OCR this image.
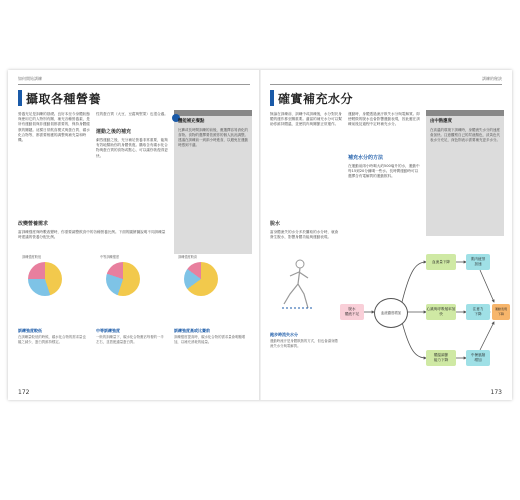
如何開始訓練
攝取各種營養
營養充足是訓練的基礎。良好本至今身體狀態與使用它的人特別有關，補充各種營養素，是所有運動員與非運動員都需要的，保持身體健康的關鍵。這樣日常飲食模式與蛋白質、碳水化合物等，都需要相應的調整與補充量和時機。
性的蛋白質（大豆、豆腐與堅果）也很合適。
運動之後的補充
劇烈運動之後，充分補足營養非常重要，能夠有效地幫助你的身體恢復。攝取含有碳水化合物與蛋白質的食物或點心，可以讓你恢復得更快。
體能補充餐點
比賽或長時間訓練的前後，應選擇容易消化的食物。食物的選擇要依照你的個人狀況調整。建議在訓練前一到兩小時進食，以避免在運動時感到不適。
改變營養需求
當訓練強度與時數改變時，你需要調整飲食中的各種營養比例。下面的圓餅圖說明不同訓練量時建議的營養分配比例。
訓練強度較低
訓練強度較低
在訓練量較低的時候，碳水化合物的需求量也隨之減少，蛋白質維持穩定。
中等訓練強度
中等訓練強度
一般的訓練量下，碳水化合物應佔每餐的一半左右，並搭配適量蛋白質。
訓練強度較高
訓練強度高或比賽前
訓練強度提高時，碳水化合物的需求量會明顯增加，以補充消耗的能量。
172
訓練的秘訣
確實補充水分
無論在訓練前、訓練中或訓練後，水分對於身體的運作都至關重要。適當的補充水分可以幫助你維持體溫，並使肌肉與關節正常運作。
運動時，身體透過流汗散失水分與電解質。即使輕微的脫水也會影響運動表現，因此應在訓練前後及過程中定時補充水分。
補充水分的方法
在運動前兩小時喝大約500毫升的水，運動中每15到20分鐘喝一些水。長時間運動時可以選擇含有電解質的運動飲料。
由中熱應度
在高溫的環境下訓練時，身體流失水分的速度會加快。注意觀察自己的尿液顏色，淡黃色代表水分充足，深色則表示需要補充更多水分。
脫水
當身體流失的水分多於攝取的水分時，就會發生脫水，影響身體功能與運動表現。
跑步時流失水分
運動時流汗是身體散熱的方式，但也會讓身體流失水分與電解質。
脫水
體液不足	血液濃度增加
血流量下降
心跳與呼吸頻率加快
體溫調節
能力下降
肌肉疲勞
加速
注意力
下降
中暑風險
增加
運動表現
下降
173
